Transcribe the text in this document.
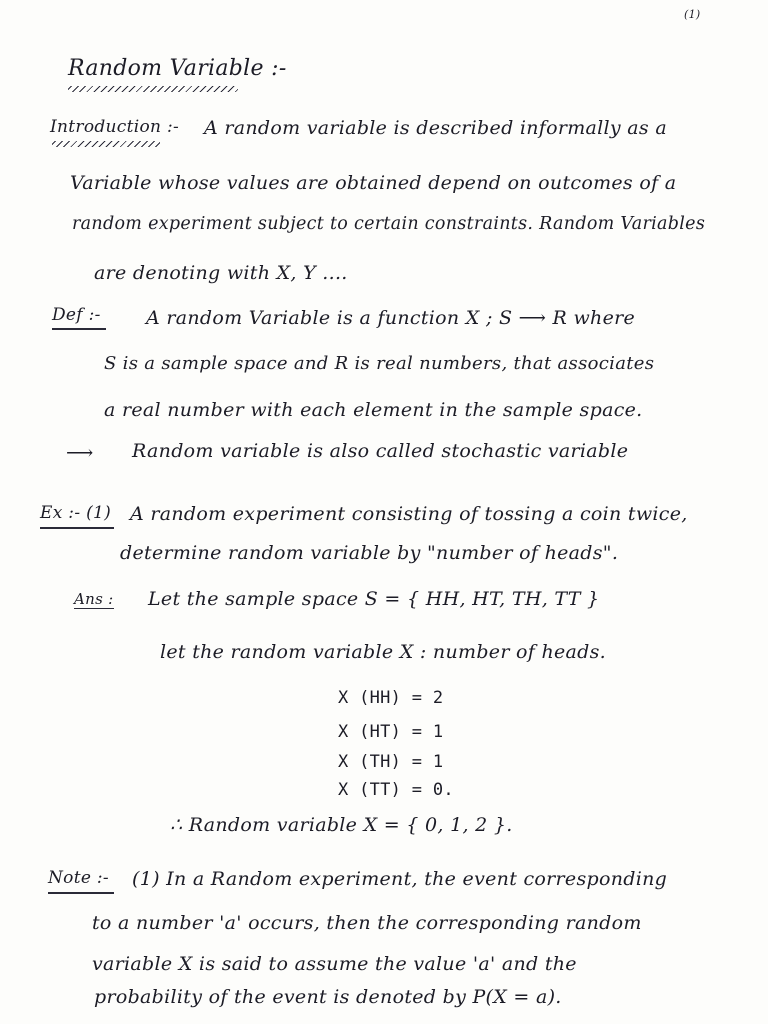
(1)
Random Variable :-
Introduction :- A random variable is described informally as a
Variable whose values are obtained depend on outcomes of a
random experiment subject to certain constraints. Random Variables
are denoting with X, Y ....
Def :- A random Variable is a function X ; S ⟶ R where
S is a sample space and R is real numbers, that associates
a real number with each element in the sample space.
⟶ Random variable is also called stochastic variable
Ex :- (1) A random experiment consisting of tossing a coin twice,
determine random variable by "number of heads".
Ans : Let the sample space S = { HH, HT, TH, TT }
let the random variable X : number of heads.
X (HH) = 2
X (HT) = 1
X (TH) = 1
X (TT) = 0.
∴ Random variable X = { 0, 1, 2 }.
Note :- (1) In a Random experiment, the event corresponding
to a number 'a' occurs, then the corresponding random
variable X is said to assume the value 'a' and the
probability of the event is denoted by P(X = a).
